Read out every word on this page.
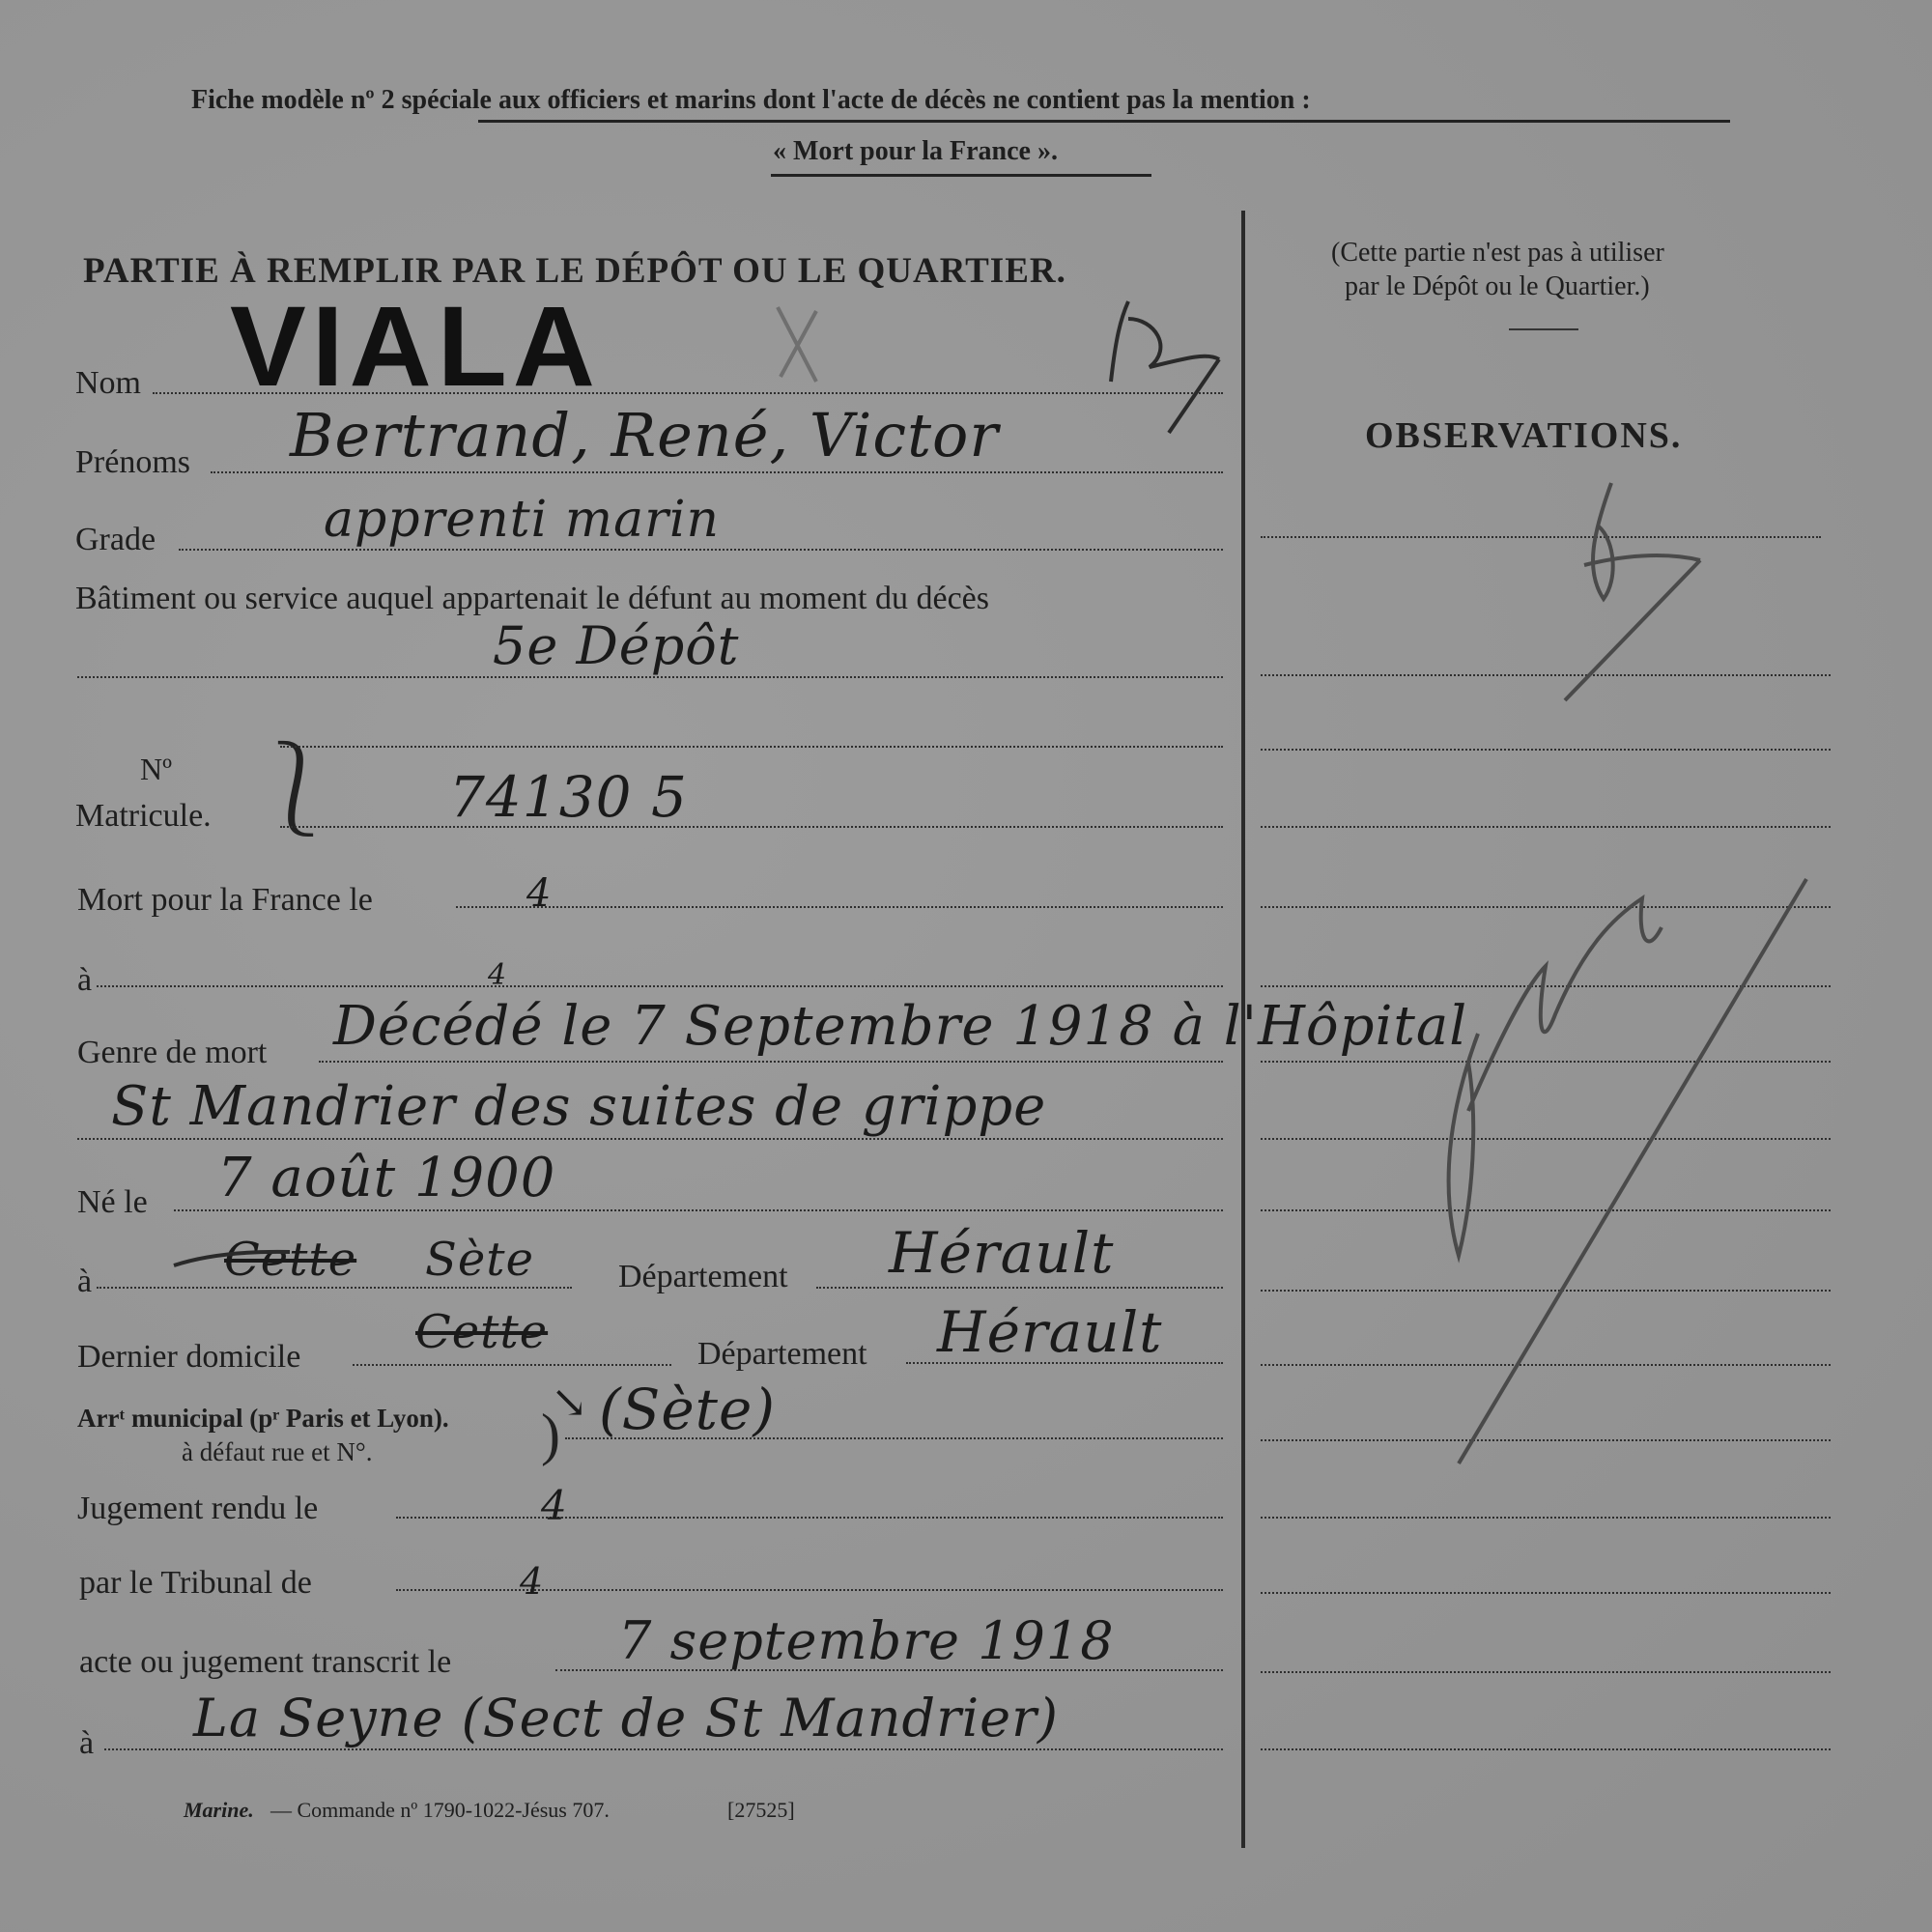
Fiche modèle nº 2 spéciale aux officiers et marins dont l'acte de décès ne contient pas la mention :
« Mort pour la France ».
PARTIE À REMPLIR PAR LE DÉPÔT OU LE QUARTIER.
Nom VIALA
Prénoms Bertrand, René, Victor
Grade	apprenti marin
Bâtiment ou service auquel appartenait le défunt au moment du décès
5e Dépôt
Nº
Matricule. ⎱ 74130 5
Mort pour la France le	4
à	4
Genre de mort Décédé le 7 Septembre 1918 à l'Hôpital
St Mandrier des suites de grippe
Né le 7 août 1900
à	Cette Sète	Département Hérault
Dernier domicile Cette	Département Hérault
Arrᵗ municipal (pʳ Paris et Lyon).
à défaut rue et N°.	)
↘ (Sète)
Jugement rendu le	4
par le Tribunal de	4
acte ou jugement transcrit le	7 septembre 1918
à La Seyne (Sect de St Mandrier)
Marine. — Commande nº 1790-1022-Jésus 707.	[27525]
(Cette partie n'est pas à utiliser
par le Dépôt ou le Quartier.)
OBSERVATIONS.
